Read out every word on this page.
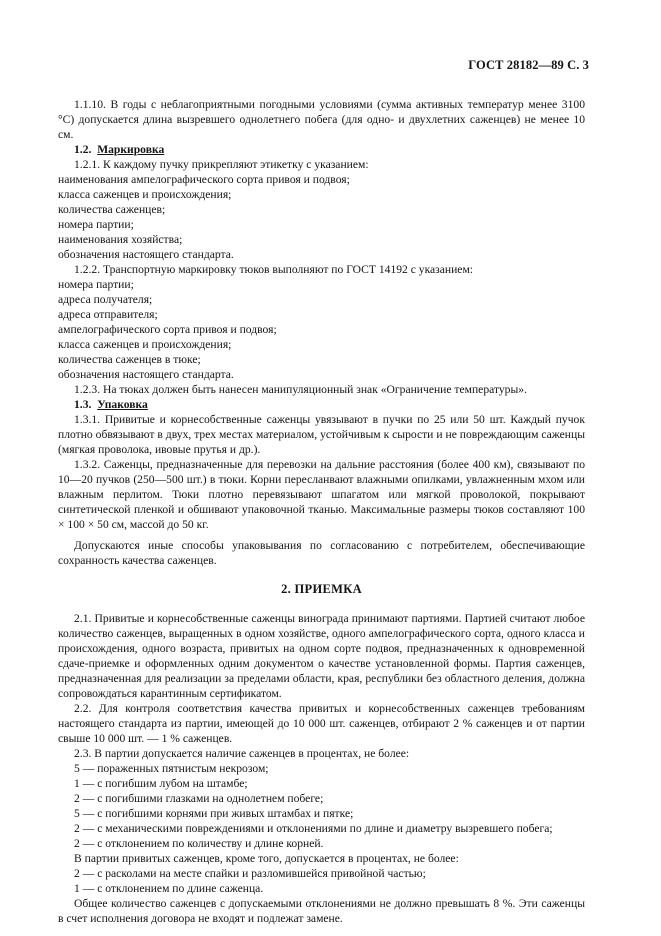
ГОСТ 28182—89 С. 3

1.1.10. В годы с неблагоприятными погодными условиями (сумма активных температур менее 3100 °С) допускается длина вызревшего однолетнего побега (для одно- и двухлетних саженцев) не менее 10 см.

1.2. Маркировка

1.2.1. К каждому пучку прикрепляют этикетку с указанием:

наименования ампелографического сорта привоя и подвоя;

класса саженцев и происхождения;

количества саженцев;

номера партии;

наименования хозяйства;

обозначения настоящего стандарта.

1.2.2. Транспортную маркировку тюков выполняют по ГОСТ 14192 с указанием:

номера партии;

адреса получателя;

адреса отправителя;

ампелографического сорта привоя и подвоя;

класса саженцев и происхождения;

количества саженцев в тюке;

обозначения настоящего стандарта.

1.2.3. На тюках должен быть нанесен манипуляционный знак «Ограничение температуры».

1.3. Упаковка

1.3.1. Привитые и корнесобственные саженцы увязывают в пучки по 25 или 50 шт. Каждый пучок плотно обвязывают в двух, трех местах материалом, устойчивым к сырости и не повреждающим саженцы (мягкая проволока, ивовые прутья и др.).

1.3.2. Саженцы, предназначенные для перевозки на дальние расстояния (более 400 км), связывают по 10—20 пучков (250—500 шт.) в тюки. Корни пересланвают влажными опилками, увлажненным мхом или влажным перлитом. Тюки плотно перевязывают шпагатом или мягкой проволокой, покрывают синтетической пленкой и обшивают упаковочной тканью. Максимальные размеры тюков составляют 100 × 100 × 50 см, массой до 50 кг.

Допускаются иные способы упаковывания по согласованию с потребителем, обеспечивающие сохранность качества саженцев.

2. ПРИЕМКА

2.1. Привитые и корнесобственные саженцы винограда принимают партиями. Партией считают любое количество саженцев, выращенных в одном хозяйстве, одного ампелографического сорта, одного класса и происхождения, одного возраста, привитых на одном сорте подвоя, предназначенных к одновременной сдаче-приемке и оформленных одним документом о качестве установленной формы. Партия саженцев, предназначенная для реализации за пределами области, края, республики без областного деления, должна сопровождаться карантинным сертификатом.

2.2. Для контроля соответствия качества привитых и корнесобственных саженцев требованиям настоящего стандарта из партии, имеющей до 10 000 шт. саженцев, отбирают 2 % саженцев и от партии свыше 10 000 шт. — 1 % саженцев.

2.3. В партии допускается наличие саженцев в процентах, не более:

5 — пораженных пятнистым некрозом;

1 — с погибшим лубом на штамбе;

2 — с погибшими глазками на однолетнем побеге;

5 — с погибшими корнями при живых штамбах и пятке;

2 — с механическими повреждениями и отклонениями по длине и диаметру вызревшего побега;

2 — с отклонением по количеству и длине корней.

В партии привитых саженцев, кроме того, допускается в процентах, не более:

2 — с расколами на месте спайки и разломившейся привойной частью;

1 — с отклонением по длине саженца.

Общее количество саженцев с допускаемыми отклонениями не должно превышать 8 %. Эти саженцы в счет исполнения договора не входят и подлежат замене.
